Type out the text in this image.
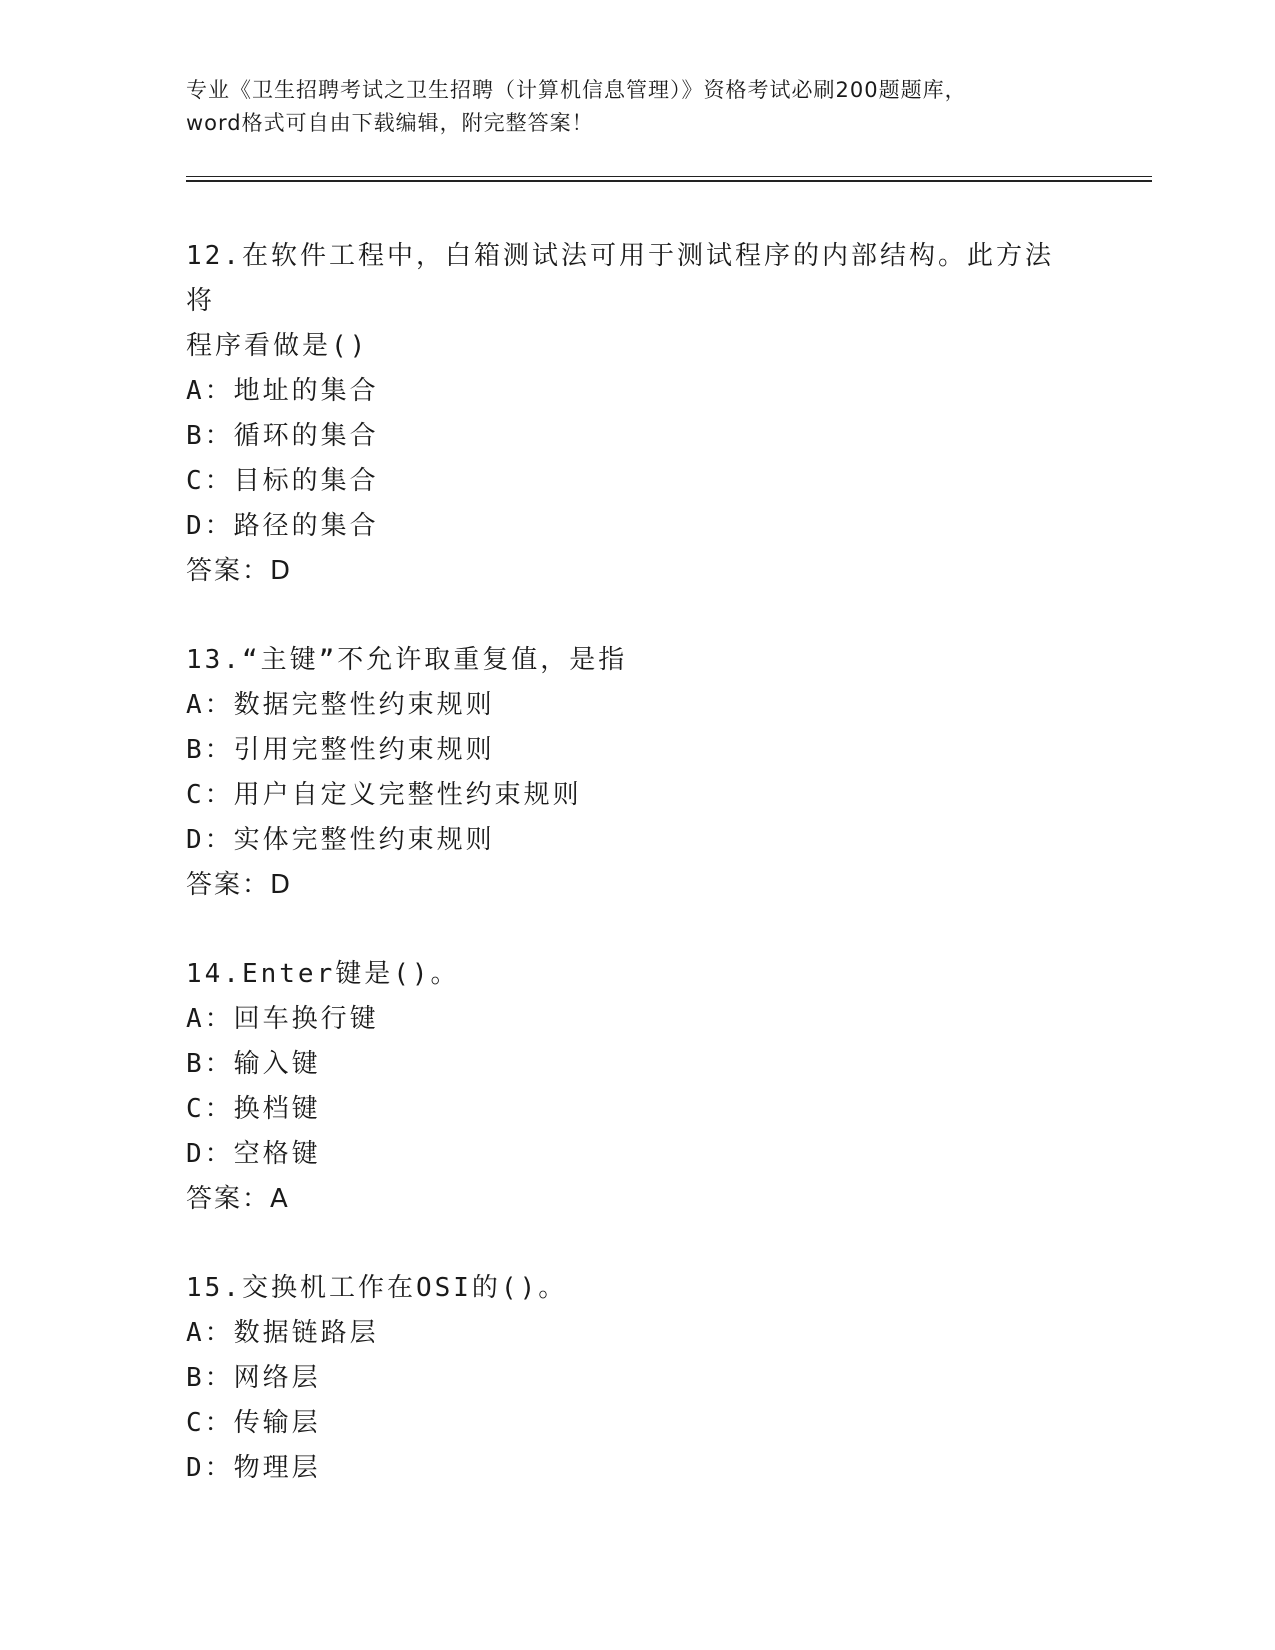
专业《卫生招聘考试之卫生招聘（计算机信息管理）》资格考试必刷200题题库，

word格式可自由下载编辑，附完整答案！

12.在软件工程中，白箱测试法可用于测试程序的内部结构。此方法将

程序看做是()

A：地址的集合

B：循环的集合

C：目标的集合

D：路径的集合

答案：D

13.“主键”不允许取重复值，是指

A：数据完整性约束规则

B：引用完整性约束规则

C：用户自定义完整性约束规则

D：实体完整性约束规则

答案：D

14.Enter键是()。

A：回车换行键

B：输入键

C：换档键

D：空格键

答案：A

15.交换机工作在OSI的()。

A：数据链路层

B：网络层

C：传输层

D：物理层
